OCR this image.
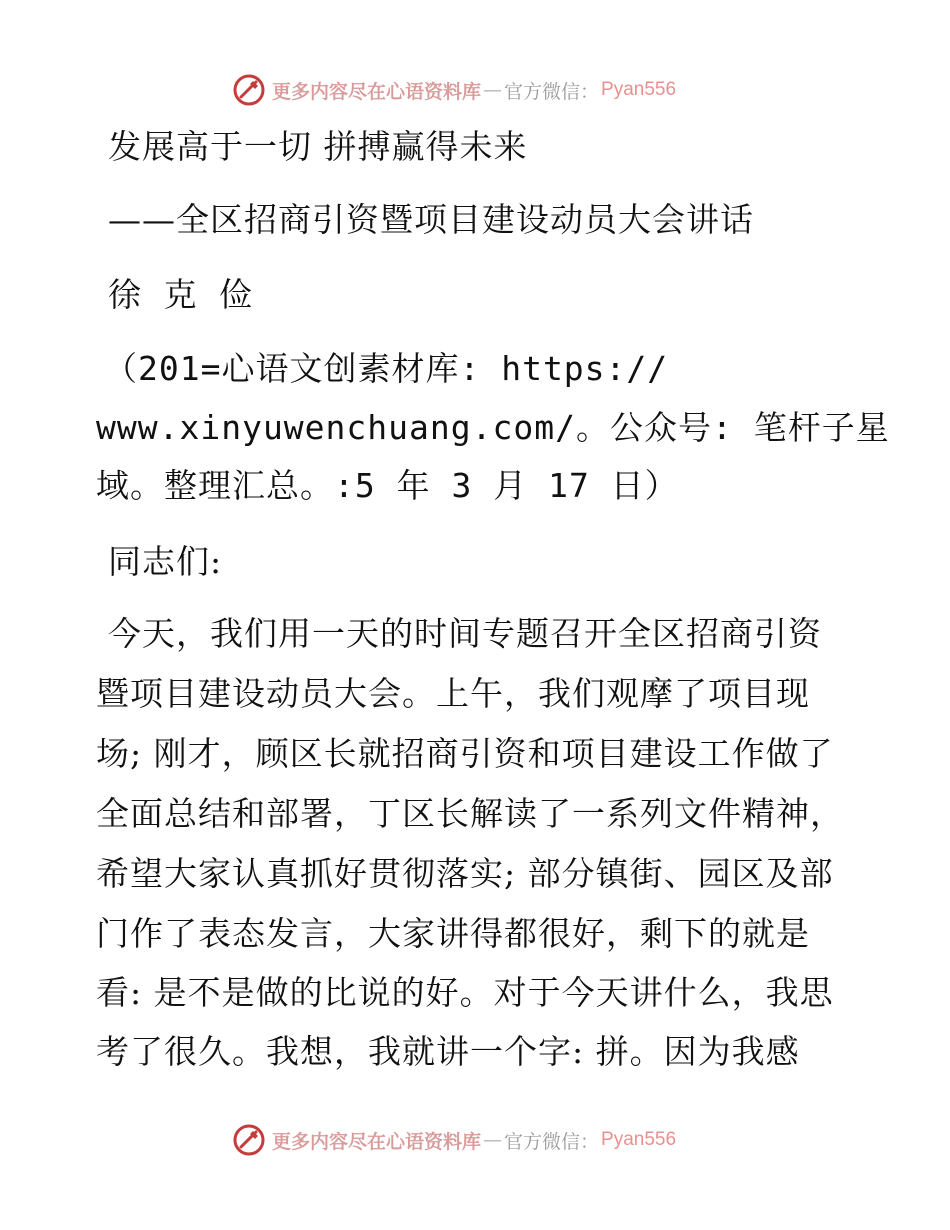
更多内容尽在心语资料库 — 官方微信： Pyan556
发展高于一切 拼搏赢得未来
——全区招商引资暨项目建设动员大会讲话
徐 克 俭
（201=心语文创素材库: https://
www.xinyuwenchuang.com/。公众号: 笔杆子星
域。整理汇总。:5 年 3 月 17 日）
同志们:
今天，我们用一天的时间专题召开全区招商引资
暨项目建设动员大会。上午，我们观摩了项目现
场; 刚才，顾区长就招商引资和项目建设工作做了
全面总结和部署，丁区长解读了一系列文件精神，
希望大家认真抓好贯彻落实; 部分镇街、园区及部
门作了表态发言，大家讲得都很好，剩下的就是
看: 是不是做的比说的好。对于今天讲什么，我思
考了很久。我想，我就讲一个字: 拼。因为我感
更多内容尽在心语资料库 — 官方微信： Pyan556
